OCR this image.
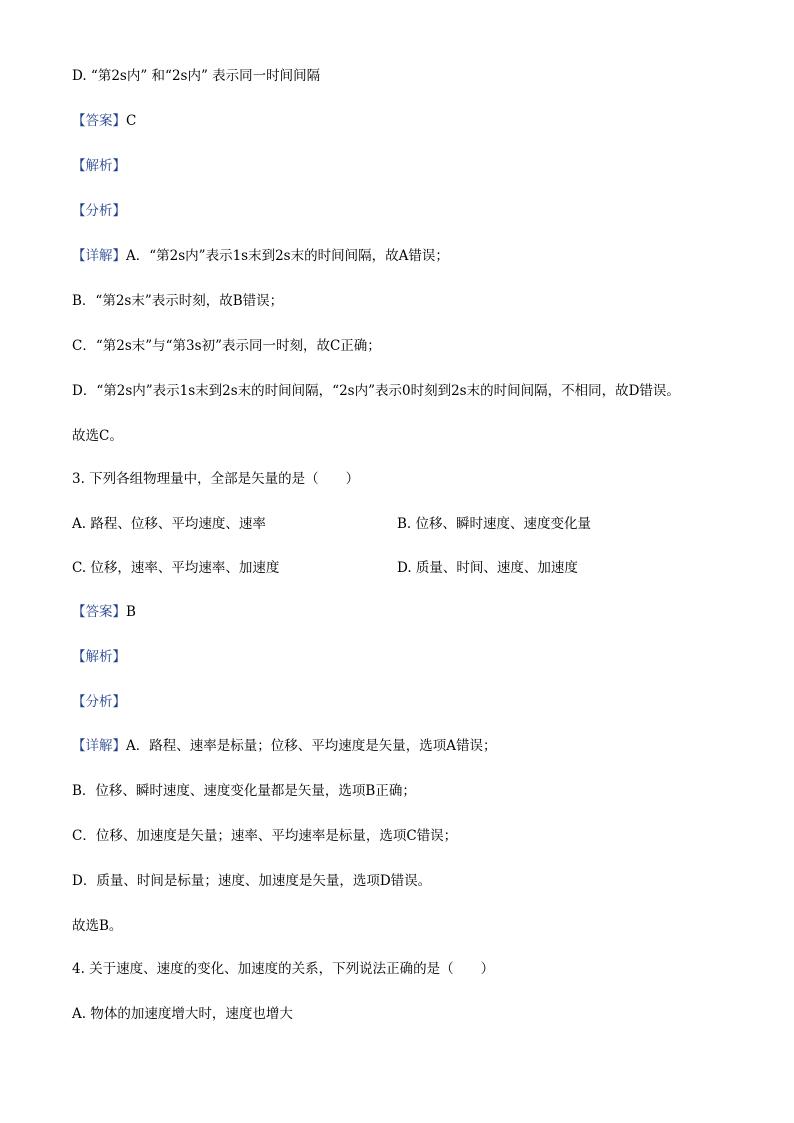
D. “第2s内” 和“2s内” 表示同一时间间隔
【答案】C
【解析】
【分析】
【详解】A．“第2s内”表示1s末到2s末的时间间隔，故A错误；
B．“第2s末”表示时刻，故B错误；
C．“第2s末”与“第3s初”表示同一时刻，故C正确；
D．“第2s内”表示1s末到2s末的时间间隔，“2s内”表示0时刻到2s末的时间间隔，不相同，故D错误。
故选C。
3. 下列各组物理量中，全部是矢量的是（　　）
A. 路程、位移、平均速度、速率	B. 位移、瞬时速度、速度变化量
C. 位移，速率、平均速率、加速度	D. 质量、时间、速度、加速度
【答案】B
【解析】
【分析】
【详解】A．路程、速率是标量；位移、平均速度是矢量，选项A错误；
B．位移、瞬时速度、速度变化量都是矢量，选项B正确；
C．位移、加速度是矢量；速率、平均速率是标量，选项C错误；
D．质量、时间是标量；速度、加速度是矢量，选项D错误。
故选B。
4. 关于速度、速度的变化、加速度的关系，下列说法正确的是（　　）
A. 物体的加速度增大时，速度也增大
